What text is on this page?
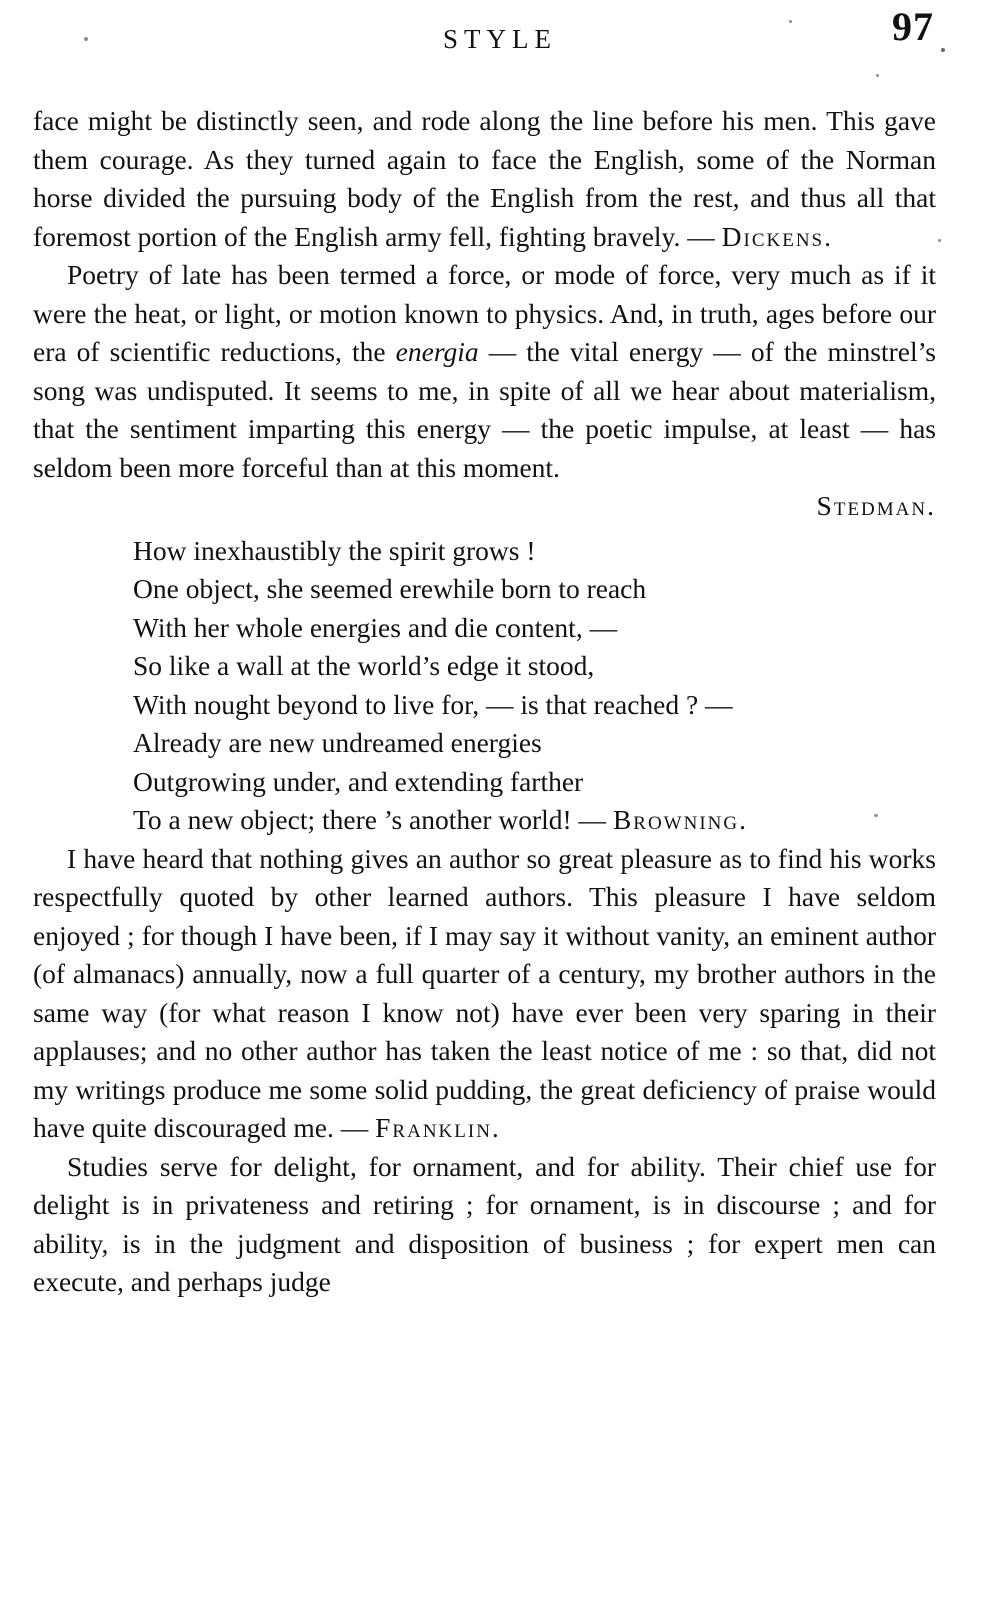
STYLE	97

face might be distinctly seen, and rode along the line before his men. This gave them courage. As they turned again to face the English, some of the Norman horse divided the pursuing body of the English from the rest, and thus all that foremost portion of the English army fell, fighting bravely. — Dickens.

Poetry of late has been termed a force, or mode of force, very much as if it were the heat, or light, or motion known to physics. And, in truth, ages before our era of scientific reductions, the energia — the vital energy — of the minstrel’s song was undisputed. It seems to me, in spite of all we hear about materialism, that the sentiment imparting this energy — the poetic impulse, at least — has seldom been more forceful than at this moment.

Stedman.

How inexhaustibly the spirit grows !
One object, she seemed erewhile born to reach
With her whole energies and die content, —
So like a wall at the world’s edge it stood,
With nought beyond to live for, — is that reached ? —
Already are new undreamed energies
Outgrowing under, and extending farther
To a new object; there ’s another world! — Browning.

I have heard that nothing gives an author so great pleasure as to find his works respectfully quoted by other learned authors. This pleasure I have seldom enjoyed ; for though I have been, if I may say it without vanity, an eminent author (of almanacs) annually, now a full quarter of a century, my brother authors in the same way (for what reason I know not) have ever been very sparing in their applauses; and no other author has taken the least notice of me : so that, did not my writings produce me some solid pudding, the great deficiency of praise would have quite discouraged me. — Franklin.

Studies serve for delight, for ornament, and for ability. Their chief use for delight is in privateness and retiring ; for ornament, is in discourse ; and for ability, is in the judgment and disposition of business ; for expert men can execute, and perhaps judge
